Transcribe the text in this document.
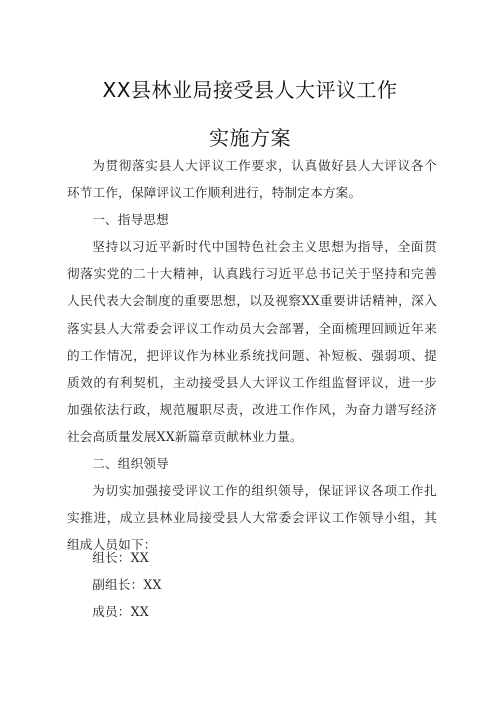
XX县林业局接受县人大评议工作
实施方案

为贯彻落实县人大评议工作要求，认真做好县人大评议各个环节工作，保障评议工作顺利进行，特制定本方案。

一、指导思想

坚持以习近平新时代中国特色社会主义思想为指导，全面贯彻落实党的二十大精神，认真践行习近平总书记关于坚持和完善人民代表大会制度的重要思想，以及视察XX重要讲话精神，深入落实县人大常委会评议工作动员大会部署，全面梳理回顾近年来的工作情况，把评议作为林业系统找问题、补短板、强弱项、提质效的有利契机，主动接受县人大评议工作组监督评议，进一步加强依法行政，规范履职尽责，改进工作作风，为奋力谱写经济社会高质量发展XX新篇章贡献林业力量。

二、组织领导

为切实加强接受评议工作的组织领导，保证评议各项工作扎实推进，成立县林业局接受县人大常委会评议工作领导小组，其组成人员如下：

组长：XX

副组长：XX

成员：XX
